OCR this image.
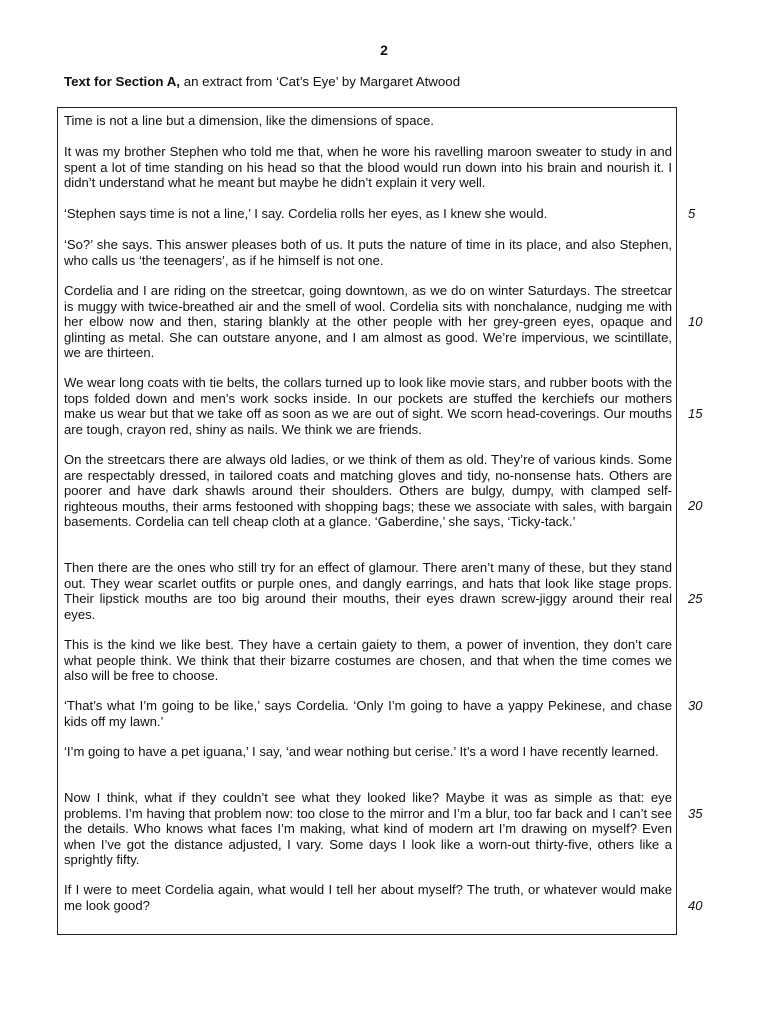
2
Text for Section A, an extract from ‘Cat’s Eye’ by Margaret Atwood
Time is not a line but a dimension, like the dimensions of space.
It was my brother Stephen who told me that, when he wore his ravelling maroon sweater to study in and spent a lot of time standing on his head so that the blood would run down into his brain and nourish it. I didn’t understand what he meant but maybe he didn’t explain it very well.
‘Stephen says time is not a line,’ I say. Cordelia rolls her eyes, as I knew she would.
‘So?’ she says. This answer pleases both of us. It puts the nature of time in its place, and also Stephen, who calls us ‘the teenagers’, as if he himself is not one.
Cordelia and I are riding on the streetcar, going downtown, as we do on winter Saturdays. The streetcar is muggy with twice-breathed air and the smell of wool. Cordelia sits with nonchalance, nudging me with her elbow now and then, staring blankly at the other people with her grey-green eyes, opaque and glinting as metal. She can outstare anyone, and I am almost as good. We’re impervious, we scintillate, we are thirteen.
We wear long coats with tie belts, the collars turned up to look like movie stars, and rubber boots with the tops folded down and men’s work socks inside. In our pockets are stuffed the kerchiefs our mothers make us wear but that we take off as soon as we are out of sight. We scorn head-coverings. Our mouths are tough, crayon red, shiny as nails. We think we are friends.
On the streetcars there are always old ladies, or we think of them as old. They’re of various kinds. Some are respectably dressed, in tailored coats and matching gloves and tidy, no-nonsense hats. Others are poorer and have dark shawls around their shoulders. Others are bulgy, dumpy, with clamped self-righteous mouths, their arms festooned with shopping bags; these we associate with sales, with bargain basements. Cordelia can tell cheap cloth at a glance. ‘Gaberdine,’ she says, ‘Ticky-tack.’
Then there are the ones who still try for an effect of glamour. There aren’t many of these, but they stand out. They wear scarlet outfits or purple ones, and dangly earrings, and hats that look like stage props. Their lipstick mouths are too big around their mouths, their eyes drawn screw-jiggy around their real eyes.
This is the kind we like best. They have a certain gaiety to them, a power of invention, they don’t care what people think. We think that their bizarre costumes are chosen, and that when the time comes we also will be free to choose.
‘That’s what I’m going to be like,’ says Cordelia. ‘Only I’m going to have a yappy Pekinese, and chase kids off my lawn.’
‘I’m going to have a pet iguana,’ I say, ‘and wear nothing but cerise.’ It’s a word I have recently learned.
Now I think, what if they couldn’t see what they looked like? Maybe it was as simple as that: eye problems. I’m having that problem now: too close to the mirror and I’m a blur, too far back and I can’t see the details. Who knows what faces I’m making, what kind of modern art I’m drawing on myself? Even when I’ve got the distance adjusted, I vary. Some days I look like a worn-out thirty-five, others like a sprightly fifty.
If I were to meet Cordelia again, what would I tell her about myself? The truth, or whatever would make me look good?
5
10
15
20
25
30
35
40
